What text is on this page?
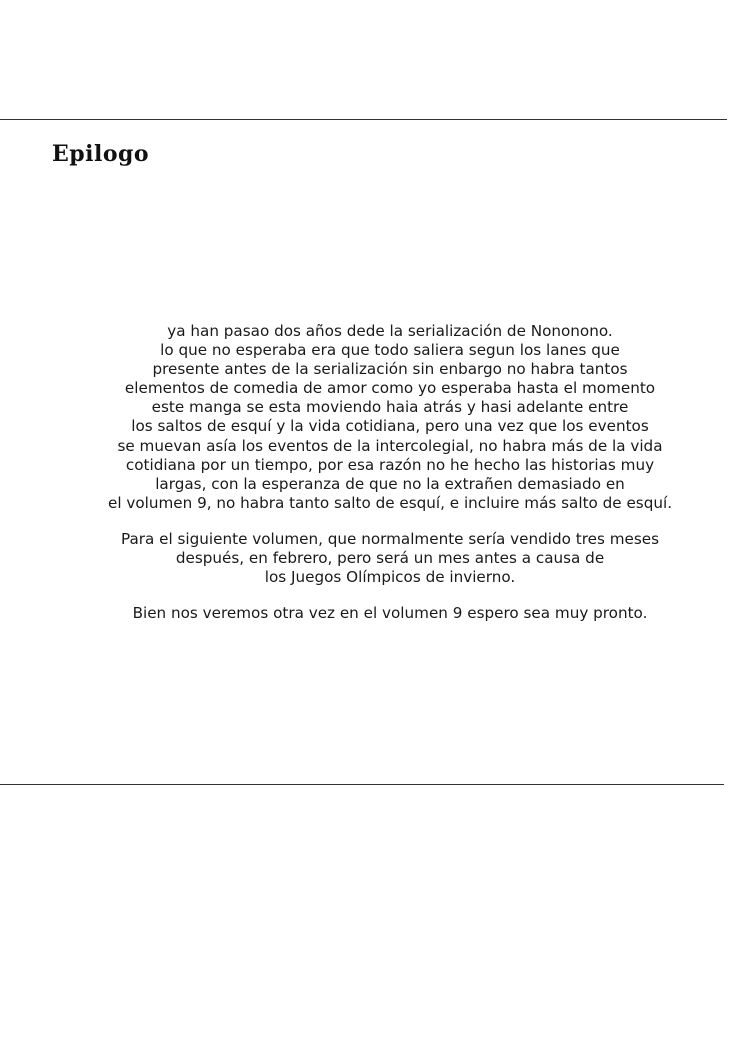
Epilogo

ya han pasao dos años dede la serialización de Nononono.
lo que no esperaba era que todo saliera segun los lanes que
presente antes de la serialización sin enbargo no habra tantos
elementos de comedia de amor como yo esperaba hasta el momento
este manga se esta moviendo haia atrás y hasi adelante entre
los saltos de esquí y la vida cotidiana, pero una vez que los eventos
se muevan asía los eventos de la intercolegial, no habra más de la vida
cotidiana por un tiempo, por esa razón no he hecho las historias muy
largas, con la esperanza de que no la extrañen demasiado en
el volumen 9, no habra tanto salto de esquí, e incluire más salto de esquí.

Para el siguiente volumen, que normalmente sería vendido tres meses
después, en febrero, pero será un mes antes a causa de
los Juegos Olímpicos de invierno.

Bien nos veremos otra vez en el volumen 9 espero sea muy pronto.
